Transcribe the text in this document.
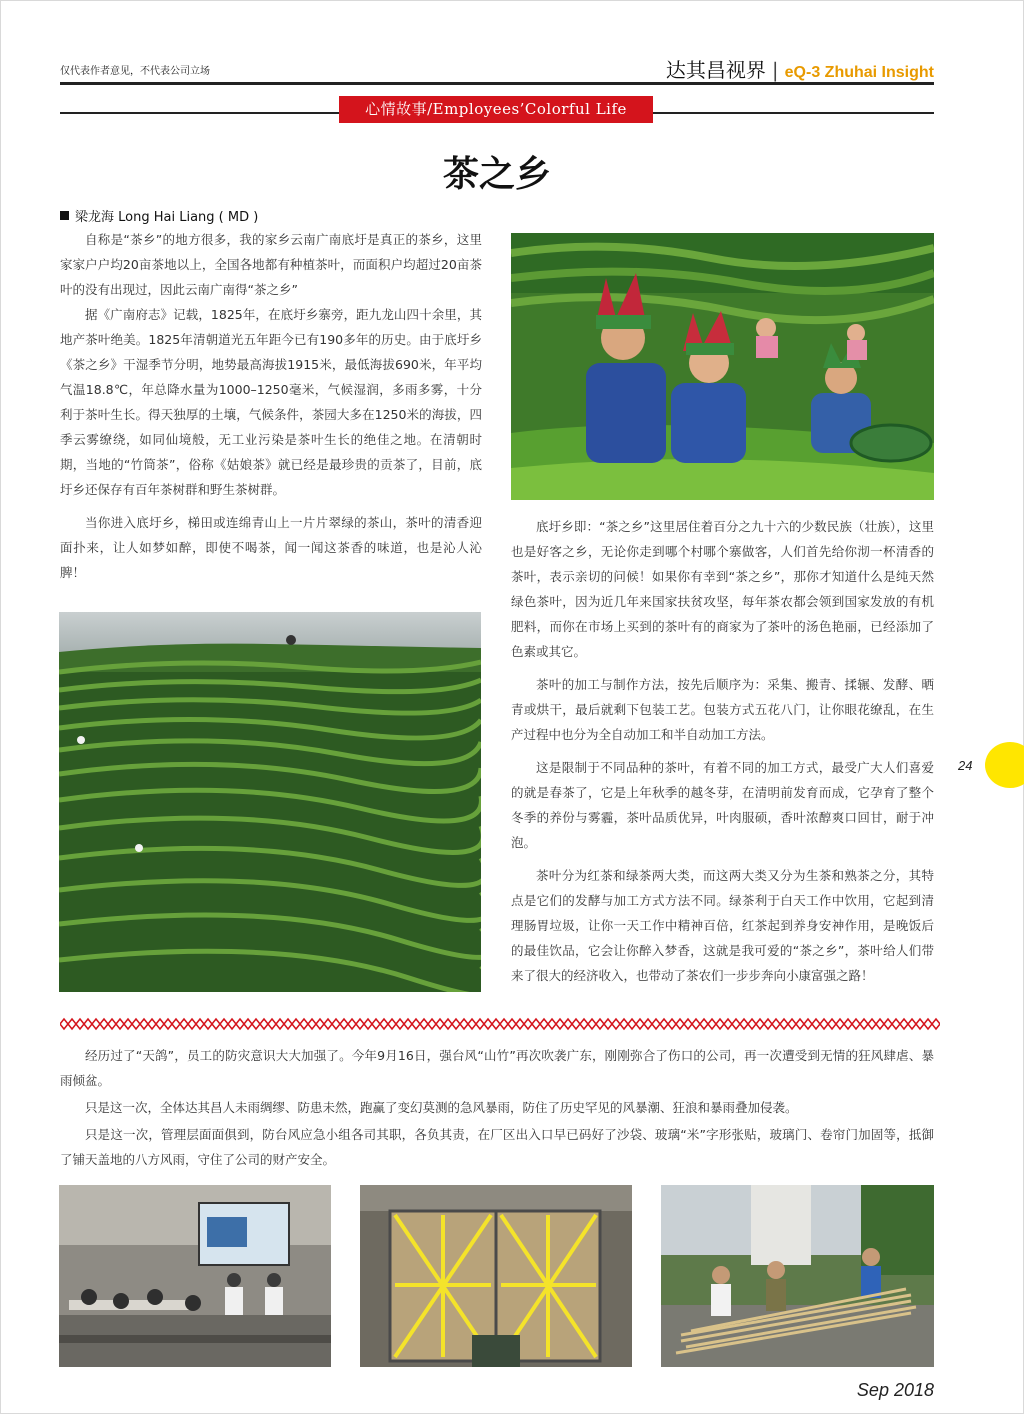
仅代表作者意见，不代表公司立场	达其昌视界 | eQ-3 Zhuhai Insight
心情故事/Employees’Colorful Life
茶之乡
梁龙海 Long Hai Liang ( MD )

自称是“茶乡”的地方很多，我的家乡云南广南底圩是真正的茶乡，这里家家户户均20亩茶地以上，全国各地都有种植茶叶，而面积户均超过20亩茶叶的没有出现过，因此云南广南得“茶之乡”

据《广南府志》记载，1825年，在底圩乡寨旁，距九龙山四十余里，其地产茶叶绝美。1825年清朝道光五年距今已有190多年的历史。由于底圩乡《茶之乡》干湿季节分明，地势最高海拔1915米，最低海拔690米，年平均气温18.8℃，年总降水量为1000–1250毫米，气候湿润，多雨多雾，十分利于茶叶生长。得天独厚的土壤，气候条件，茶园大多在1250米的海拔，四季云雾缭绕，如同仙境般，无工业污染是茶叶生长的绝佳之地。在清朝时期，当地的“竹筒茶”，俗称《姑娘茶》就已经是最珍贵的贡茶了，目前，底圩乡还保存有百年茶树群和野生茶树群。

当你进入底圩乡，梯田或连绵青山上一片片翠绿的茶山，茶叶的清香迎面扑来，让人如梦如醉，即使不喝茶，闻一闻这茶香的味道，也是沁人沁脾！

底圩乡即：“茶之乡”这里居住着百分之九十六的少数民族（壮族），这里也是好客之乡，无论你走到哪个村哪个寨做客，人们首先给你沏一杯清香的茶叶，表示亲切的问候！如果你有幸到“茶之乡”，那你才知道什么是纯天然绿色茶叶，因为近几年来国家扶贫攻坚，每年茶农都会领到国家发放的有机肥料，而你在市场上买到的茶叶有的商家为了茶叶的汤色艳丽，已经添加了色素或其它。

茶叶的加工与制作方法，按先后顺序为：采集、搬青、揉辗、发酵、晒青或烘干，最后就剩下包装工艺。包装方式五花八门，让你眼花缭乱，在生产过程中也分为全自动加工和半自动加工方法。

这是限制于不同品种的茶叶，有着不同的加工方式，最受广大人们喜爱的就是春茶了，它是上年秋季的越冬芽，在清明前发育而成，它孕育了整个冬季的养份与雾霾，茶叶品质优异，叶肉服硕，香叶浓醇爽口回甘，耐于冲泡。

茶叶分为红茶和绿茶两大类，而这两大类又分为生茶和熟茶之分，其特点是它们的发酵与加工方式方法不同。绿茶利于白天工作中饮用，它起到清理肠胃垃圾，让你一天工作中精神百倍，红茶起到养身安神作用，是晚饭后的最佳饮品，它会让你醉入梦香，这就是我可爱的“茶之乡”，茶叶给人们带来了很大的经济收入，也带动了茶农们一步步奔向小康富强之路！

24

经历过了“天鸽”，员工的防灾意识大大加强了。今年9月16日，强台风“山竹”再次吹袭广东，刚刚弥合了伤口的公司，再一次遭受到无情的狂风肆虐、暴雨倾盆。

只是这一次，全体达其昌人未雨绸缪、防患未然，跑赢了变幻莫测的急风暴雨，防住了历史罕见的风暴潮、狂浪和暴雨叠加侵袭。

只是这一次，管理层面面俱到，防台风应急小组各司其职，各负其责，在厂区出入口早已码好了沙袋、玻璃“米”字形张贴，玻璃门、卷帘门加固等，抵御了铺天盖地的八方风雨，守住了公司的财产安全。

Sep 2018
